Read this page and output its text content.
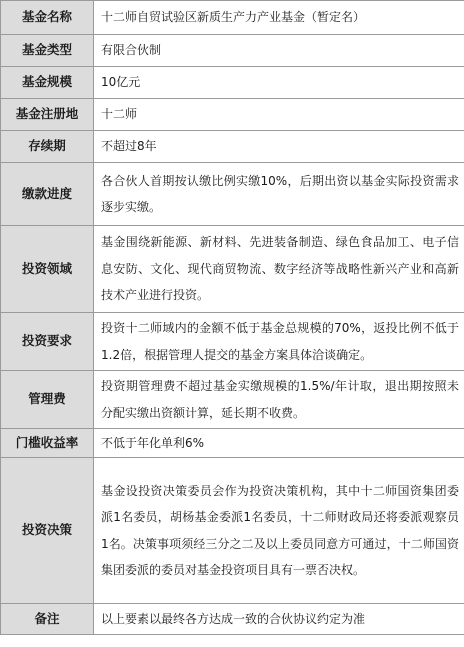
基金名称	十二师自贸试验区新质生产力产业基金（暂定名）
基金类型	有限合伙制
基金规模	10亿元
基金注册地	十二师
存续期	不超过8年
缴款进度	各合伙人首期按认缴比例实缴10%，后期出资以基金实际投资需求逐步实缴。
投资领域	基金围绕新能源、新材料、先进装备制造、绿色食品加工、电子信息安防、文化、现代商贸物流、数字经济等战略性新兴产业和高新技术产业进行投资。
投资要求	投资十二师域内的金额不低于基金总规模的70%，返投比例不低于1.2倍，根据管理人提交的基金方案具体洽谈确定。
管理费	投资期管理费不超过基金实缴规模的1.5%/年计取，退出期按照未分配实缴出资额计算，延长期不收费。
门槛收益率	不低于年化单利6%
投资决策	基金设投资决策委员会作为投资决策机构，其中十二师国资集团委派1名委员，胡杨基金委派1名委员，十二师财政局还将委派观察员1名。决策事项须经三分之二及以上委员同意方可通过，十二师国资集团委派的委员对基金投资项目具有一票否决权。
备注	以上要素以最终各方达成一致的合伙协议约定为准
